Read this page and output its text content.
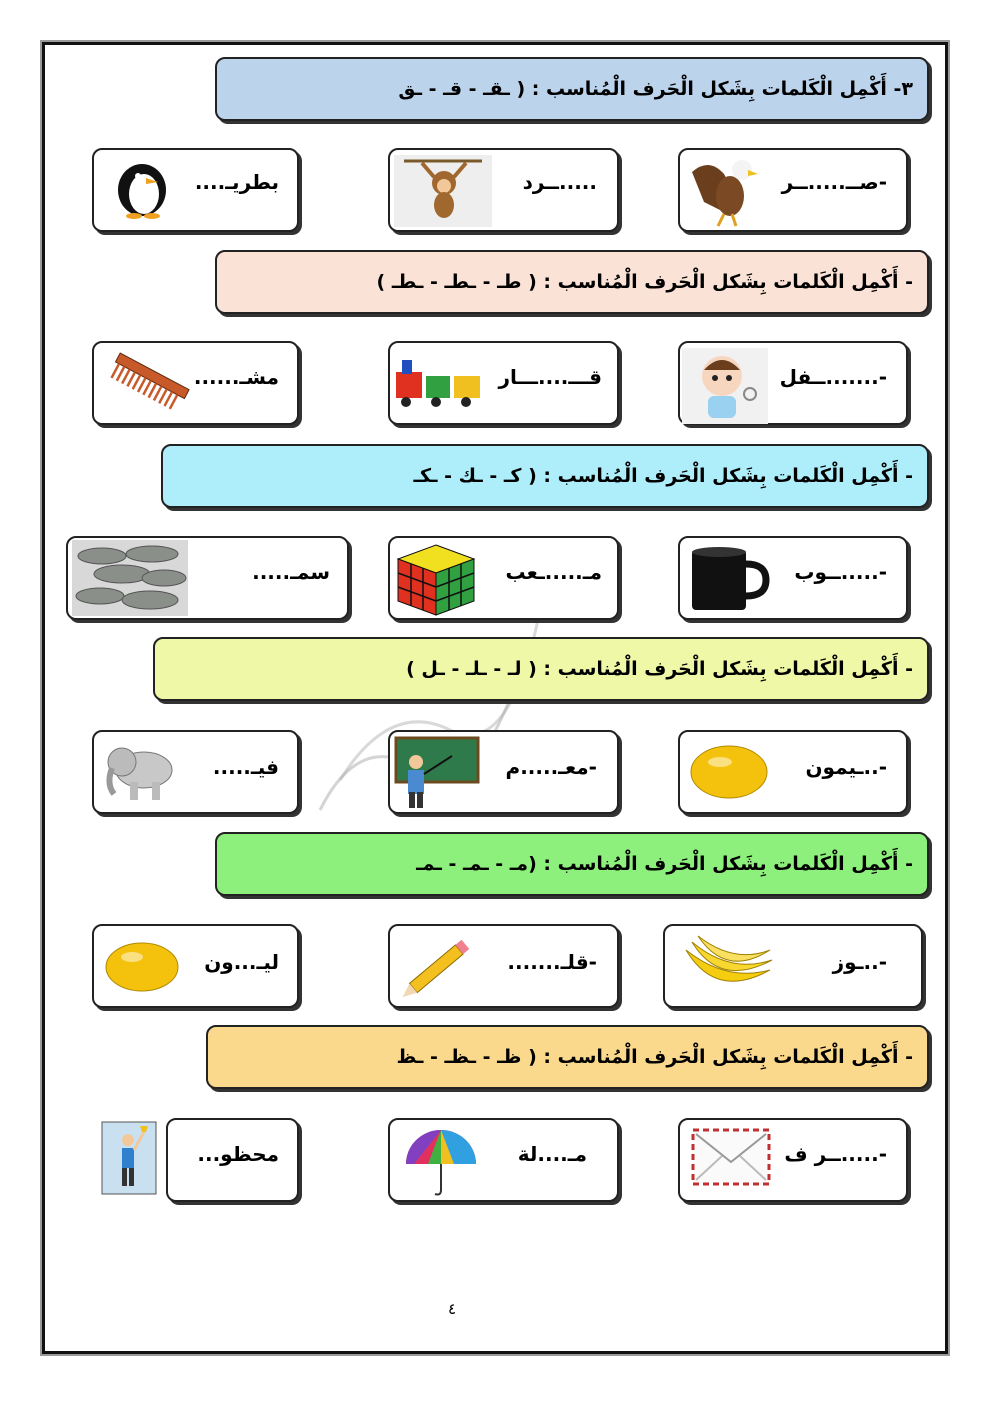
٣- أَكْمِل الْكَلمات بِشَكل الْحَرف الْمُناسب : ( ـقـ - قـ - ـق
-صــ.....ــر
.....ــرد
بطريـ....
- أَكْمِل الْكَلمات بِشَكل الْحَرف الْمُناسب : ( طـ - ـطـ - ـطـ )
-.......ــفل
قـــ....ـــار
مشـ......
- أَكْمِل الْكَلمات بِشَكل الْحَرف الْمُناسب : ( كـ - ـك - ـكـ
-.....ــوب
مـ.....ـعب
سمـ.....
- أَكْمِل الْكَلمات بِشَكل الْحَرف الْمُناسب : ( لـ - ـلـ - ـل )
-..ـيمون
-معـ.....م
فيـ.....
- أَكْمِل الْكَلمات بِشَكل الْحَرف الْمُناسب : (مـ - ـمـ - ـمـ
-..ـوز
-قلـ.......
ليـ...ون
- أَكْمِل الْكَلمات بِشَكل الْحَرف الْمُناسب : ( ظـ - ـظـ - ـظ
-.....ــر ف
مـ....لة
محظو...
٤
